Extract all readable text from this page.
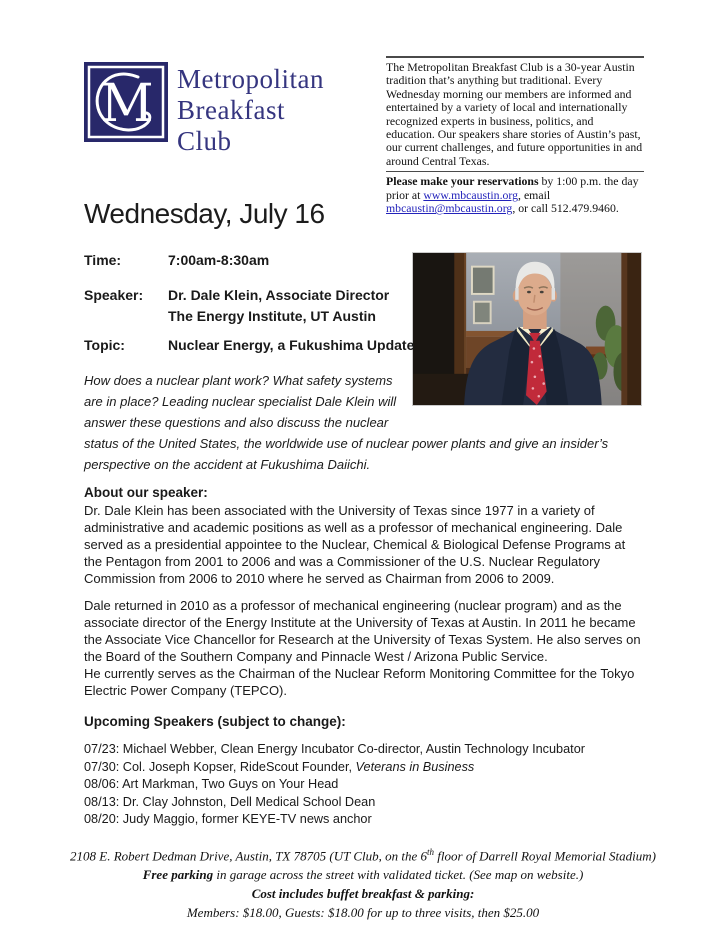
M Metropolitan
Breakfast
Club
The Metropolitan Breakfast Club is a 30-year Austin tradition that’s anything but traditional. Every Wednesday morning our members are informed and entertained by a variety of local and internationally recognized experts in business, politics, and education. Our speakers share stories of Austin’s past, our current challenges, and future opportunities in and around Central Texas.
Please make your reservations by 1:00 p.m. the day prior at www.mbcaustin.org, email mbcaustin@mbcaustin.org, or call 512.479.9460.
Wednesday, July 16
Time:	7:00am-8:30am
Speaker:	Dr. Dale Klein, Associate Director
The Energy Institute, UT Austin
Topic:	Nuclear Energy, a Fukushima Update
How does a nuclear plant work? What safety systems are in place? Leading nuclear specialist Dale Klein will answer these questions and also discuss the nuclear status of the United States, the worldwide use of nuclear power plants and give an insider’s perspective on the accident at Fukushima Daiichi.
About our speaker:
Dr. Dale Klein has been associated with the University of Texas since 1977 in a variety of administrative and academic positions as well as a professor of mechanical engineering. Dale served as a presidential appointee to the Nuclear, Chemical & Biological Defense Programs at the Pentagon from 2001 to 2006 and was a Commissioner of the U.S. Nuclear Regulatory Commission from 2006 to 2010 where he served as Chairman from 2006 to 2009.
Dale returned in 2010 as a professor of mechanical engineering (nuclear program) and as the associate director of the Energy Institute at the University of Texas at Austin. In 2011 he became the Associate Vice Chancellor for Research at the University of Texas System. He also serves on the Board of the Southern Company and Pinnacle West / Arizona Public Service.
He currently serves as the Chairman of the Nuclear Reform Monitoring Committee for the Tokyo Electric Power Company (TEPCO).
Upcoming Speakers (subject to change):
07/23: Michael Webber, Clean Energy Incubator Co-director, Austin Technology Incubator
07/30: Col. Joseph Kopser, RideScout Founder, Veterans in Business
08/06: Art Markman, Two Guys on Your Head
08/13: Dr. Clay Johnston, Dell Medical School Dean
08/20: Judy Maggio, former KEYE-TV news anchor
2108 E. Robert Dedman Drive, Austin, TX 78705 (UT Club, on the 6th floor of Darrell Royal Memorial Stadium)
Free parking in garage across the street with validated ticket. (See map on website.)
Cost includes buffet breakfast & parking:
Members: $18.00, Guests: $18.00 for up to three visits, then $25.00
